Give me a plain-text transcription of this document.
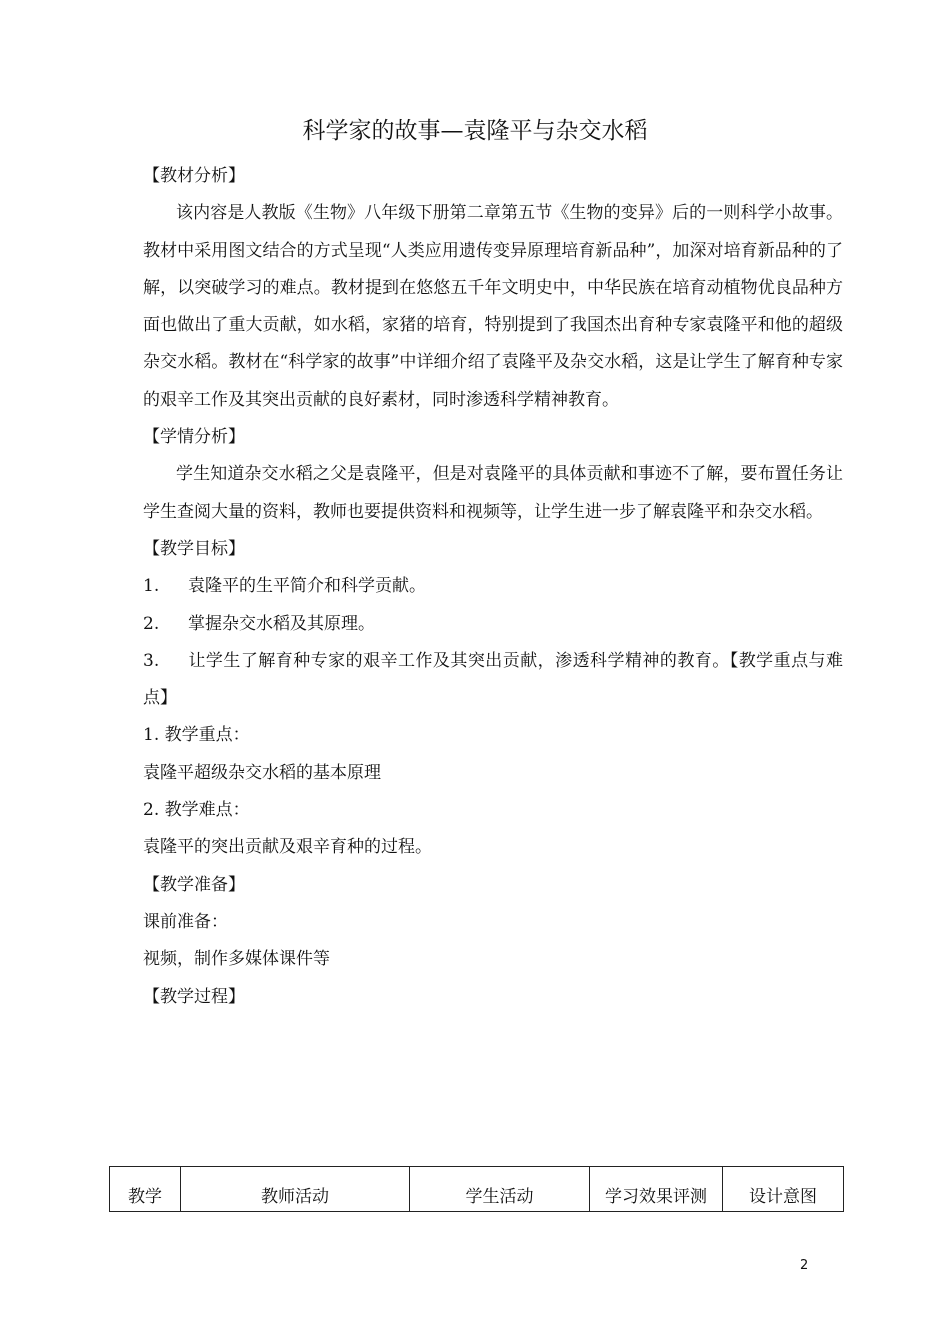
科学家的故事—袁隆平与杂交水稻

【教材分析】

该内容是人教版《生物》八年级下册第二章第五节《生物的变异》后的一则科学小故事。教材中采用图文结合的方式呈现“人类应用遗传变异原理培育新品种”，加深对培育新品种的了解，以突破学习的难点。教材提到在悠悠五千年文明史中，中华民族在培育动植物优良品种方面也做出了重大贡献，如水稻，家猪的培育，特别提到了我国杰出育种专家袁隆平和他的超级杂交水稻。教材在“科学家的故事”中详细介绍了袁隆平及杂交水稻，这是让学生了解育种专家的艰辛工作及其突出贡献的良好素材，同时渗透科学精神教育。

【学情分析】

学生知道杂交水稻之父是袁隆平，但是对袁隆平的具体贡献和事迹不了解，要布置任务让学生查阅大量的资料，教师也要提供资料和视频等，让学生进一步了解袁隆平和杂交水稻。

【教学目标】

1. 袁隆平的生平简介和科学贡献。

2. 掌握杂交水稻及其原理。

3. 让学生了解育种专家的艰辛工作及其突出贡献，渗透科学精神的教育。【教学重点与难点】

1. 教学重点：

袁隆平超级杂交水稻的基本原理

2. 教学难点：

袁隆平的突出贡献及艰辛育种的过程。

【教学准备】

课前准备：

视频，制作多媒体课件等

【教学过程】

教学	教师活动	学生活动	学习效果评测	设计意图
2
